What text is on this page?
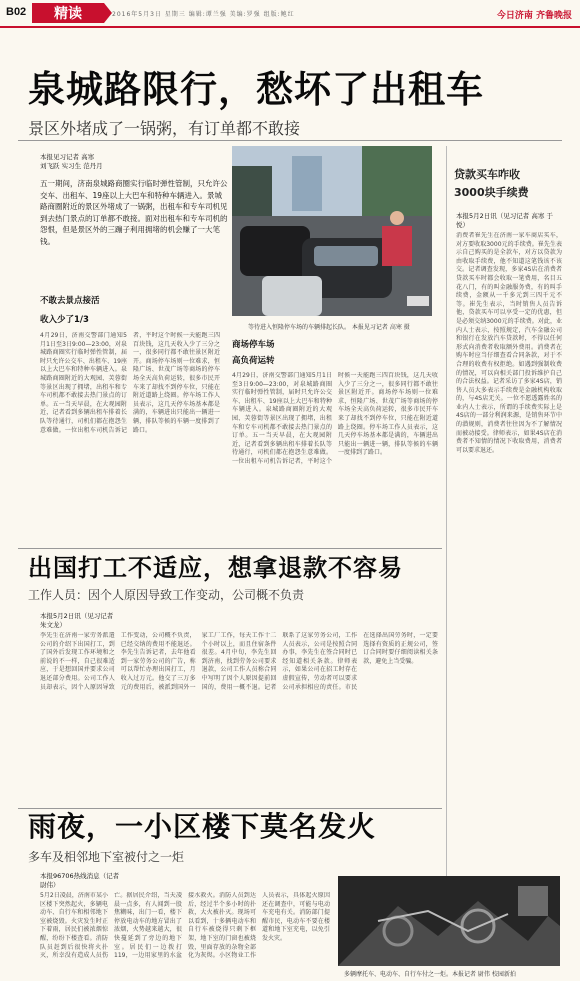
B02	精读	2016年5月3日 星期三 编辑:谭兰强 美编:罗强 组版:鲍红	今日济南 齐鲁晚报
泉城路限行，愁坏了出租车
景区外堵成了一锅粥，有订单都不敢接
本报见习记者 高寒
刘飞跃 实习生 范丹月
五一期间，济南泉城路商圈实行临时弹性管制，只允许公交车、出租车、19座以上大巴车和特种车辆进入。景城路商圈附近的景区外堵成了一锅粥，出租车和专车司机见到去热门景点的订单都不敢接。面对出租车和专车司机的怨恨，但是景区外的三蹦子利用拥堵的机会赚了一大笔钱。
不敢去景点接活
收入少了1/3
等待进入恒隆停车场的车辆排起长队。 本报见习记者 高寒 摄
商场停车场
高负荷运转
4月29日，济南交警部门通知5月1日至3日9:00—23:00，对泉城路商圈实行临时弹性管制，届时只允许公交车、出租车、19座以上大巴车和特种车辆进入。泉城路商圈附近的大观园、芙蓉街等景区出现了拥堵，出租车和专车司机都不敢接去热门景点的订单。五一当天早晨，在大观园附近，记者看到多辆出租车排着长队等待通行，司机们都在抱怨生意难做。一位出租车司机告诉记者，平时这个时候一天能跑三四百块钱，这几天收入少了三分之一，很多同行都不敢往景区附近开。商场停车场则一位难求，恒隆广场、世茂广场等商场的停车场全天高负荷运转，很多市民开车来了却找不到停车位，只能在附近道路上绕圈。停车场工作人员表示，这几天停车场基本都是满的，车辆进出只能出一辆进一辆，排队等候的车辆一度排到了路口。
4月29日，济南交警部门通知5月1日至3日9:00—23:00，对泉城路商圈实行临时弹性管制，届时只允许公交车、出租车、19座以上大巴车和特种车辆进入。泉城路商圈附近的大观园、芙蓉街等景区出现了拥堵，出租车和专车司机都不敢接去热门景点的订单。五一当天早晨，在大观园附近，记者看到多辆出租车排着长队等待通行，司机们都在抱怨生意难做。一位出租车司机告诉记者，平时这个时候一天能跑三四百块钱，这几天收入少了三分之一，很多同行都不敢往景区附近开。商场停车场则一位难求，恒隆广场、世茂广场等商场的停车场全天高负荷运转，很多市民开车来了却找不到停车位，只能在附近道路上绕圈。停车场工作人员表示，这几天停车场基本都是满的，车辆进出只能出一辆进一辆，排队等候的车辆一度排到了路口。
贷款买车咋收
3000块手续费
本报5月2日讯（见习记者 高寒 于悦）
消费者崔先生在济南一家车商店买车，对方要收取3000元的手续费。崔先生表示自己购买的是全款车，对方以贷款为由收取手续费，他不知道这笔钱该不该交。记者调查发现，多家4S店在消费者贷款买车时都会收取一笔费用，名目五花八门，有的叫金融服务费，有的叫手续费，金额从一千多元到三四千元不等。崔先生表示，当时销售人员告诉他，贷款买车可以享受一定的优惠，但是必须交纳3000元的手续费。对此，业内人士表示，按照规定，汽车金融公司和银行在发放汽车贷款时，不得以任何形式向消费者收取额外费用。消费者在购车时应当仔细查看合同条款，对于不合理的收费有权拒绝。如遇到强制收费的情况，可以向相关部门投诉维护自己的合法权益。记者采访了多家4S店，销售人员大多表示手续费是金融机构收取的，与4S店无关。一位不愿透露姓名的业内人士表示，所谓的手续费实际上是4S店的一部分利润来源，是销售环节中的潜规则，消费者往往因为不了解情况而被动接受。律师表示，如果4S店在消费者不知情的情况下收取费用，消费者可以要求退还。
出国打工不适应，想拿退款不容易
工作人员：因个人原因导致工作变动，公司概不负责
本报5月2日讯（见习记者 朱文龙）
李先生在济南一家劳务派遣公司的介绍下出国打工，到了国外后发现工作环境和之前说的不一样，自己很难适应，于是想回国并要求公司退还部分费用。公司工作人员却表示，因个人原因导致工作变动，公司概不负责，已经交纳的费用不能退还。李先生告诉记者，去年他看到一家劳务公司的广告，称可以帮忙办理出国打工，月收入过万元。他交了三万多元的费用后，被派到国外一家工厂工作，每天工作十二个小时以上，而且住宿条件很差。4月中旬，李先生回到济南，找到劳务公司要求退款，公司工作人员称合同中写明了因个人原因提前回国的，费用一概不退。记者联系了这家劳务公司，工作人员表示，公司是按照合同办事，李先生在签合同时已经知道相关条款。律师表示，如果公司在招工时存在虚假宣传，劳动者可以要求公司承担相应的责任。市民在选择出国劳务时，一定要选择有资质的正规公司，签订合同时要仔细阅读相关条款，避免上当受骗。
雨夜，一小区楼下莫名发火
多车及相邻地下室被付之一炬
本报96706热线消息（记者 尉伟）
5月2日凌晨，济南市某小区楼下突然起火，多辆电动车、自行车和相邻地下室被烧毁。火灾发生时正下着雨，居民们被浓烟惊醒，纷纷下楼查看。消防队员赶到后很快将火扑灭，所幸没有造成人员伤亡。据居民介绍，当天凌晨一点多，有人闻到一股焦糊味，出门一看，楼下停放电动车的地方冒出了浓烟，火势越来越大，很快蔓延到了旁边的地下室。居民们一边拨打119，一边用家里的水盆接水救火。消防人员到达后，经过半个多小时的扑救，大火被扑灭。现场可以看到，十多辆电动车和自行车被烧得只剩下框架，地下室的门窗也被烧毁，里面存放的杂物全部化为灰烬。小区物业工作人员表示，具体起火原因还在调查中，可能与电动车充电有关。消防部门提醒市民，电动车不要在楼道和地下室充电，以免引发火灾。
多辆摩托车、电动车、自行车付之一炬。本报记者 尉伟 校园新拍
